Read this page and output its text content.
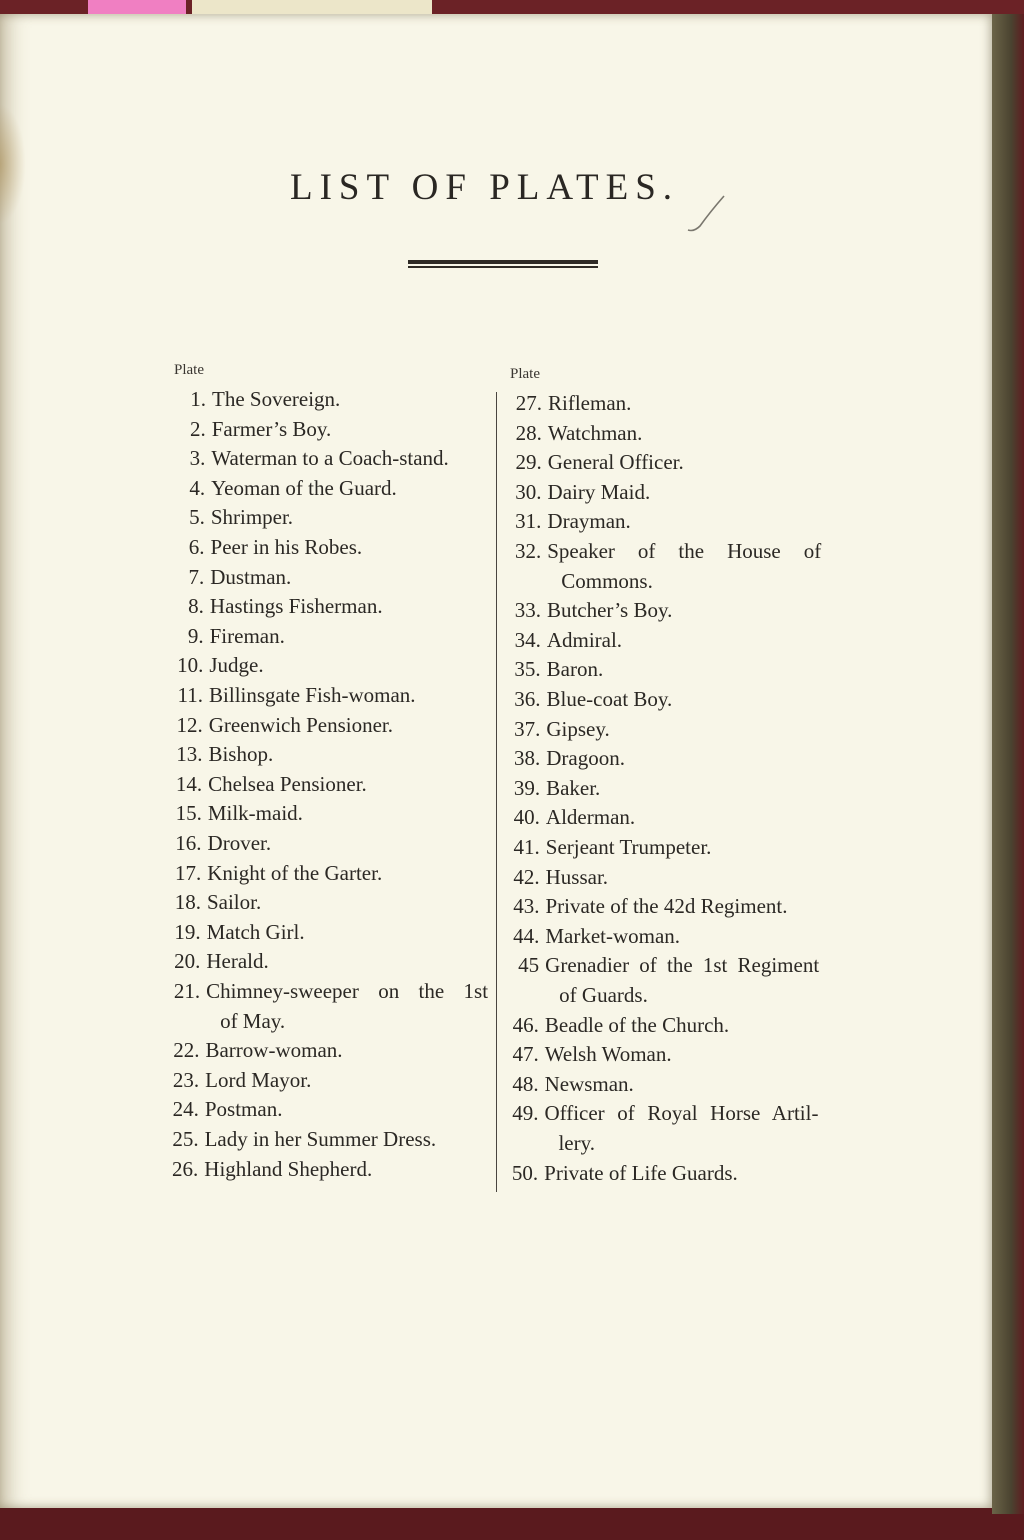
LIST OF PLATES.
Plate	Plate
1. The Sovereign.
2. Farmer’s Boy.
3. Waterman to a Coach-stand.
4. Yeoman of the Guard.
5. Shrimper.
6. Peer in his Robes.
7. Dustman.
8. Hastings Fisherman.
9. Fireman.
10. Judge.
11. Billinsgate Fish-woman.
12. Greenwich Pensioner.
13. Bishop.
14. Chelsea Pensioner.
15. Milk-maid.
16. Drover.
17. Knight of the Garter.
18. Sailor.
19. Match Girl.
20. Herald.
21. Chimney-sweeper on the 1st
of May.
22. Barrow-woman.
23. Lord Mayor.
24. Postman.
25. Lady in her Summer Dress.
26. Highland Shepherd.
27. Rifleman.
28. Watchman.
29. General Officer.
30. Dairy Maid.
31. Drayman.
32. Speaker of the House of
Commons.
33. Butcher’s Boy.
34. Admiral.
35. Baron.
36. Blue-coat Boy.
37. Gipsey.
38. Dragoon.
39. Baker.
40. Alderman.
41. Serjeant Trumpeter.
42. Hussar.
43. Private of the 42d Regiment.
44. Market-woman.
45 Grenadier of the 1st Regiment
of Guards.
46. Beadle of the Church.
47. Welsh Woman.
48. Newsman.
49. Officer of Royal Horse Artil-
lery.
50. Private of Life Guards.
